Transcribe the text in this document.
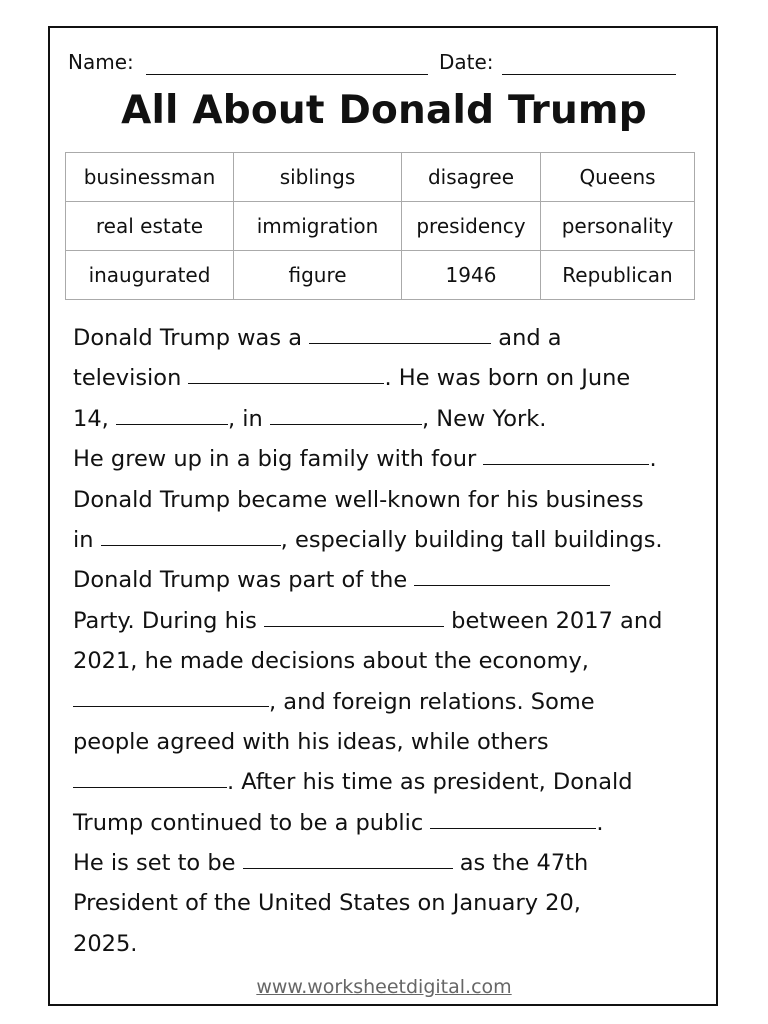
Name:	Date:
All About Donald Trump
businessman	siblings	disagree	Queens
real estate	immigration	presidency	personality
inaugurated	figure	1946	Republican
Donald Trump was a	and a
television	. He was born on June
14,	, in	, New York.
He grew up in a big family with four	.
Donald Trump became well-known for his business
in	, especially building tall buildings.
Donald Trump was part of the
Party. During his	between 2017 and
2021, he made decisions about the economy,
, and foreign relations. Some
people agreed with his ideas, while others
. After his time as president, Donald
Trump continued to be a public	.
He is set to be	as the 47th
President of the United States on January 20,
2025.
www.worksheetdigital.com
